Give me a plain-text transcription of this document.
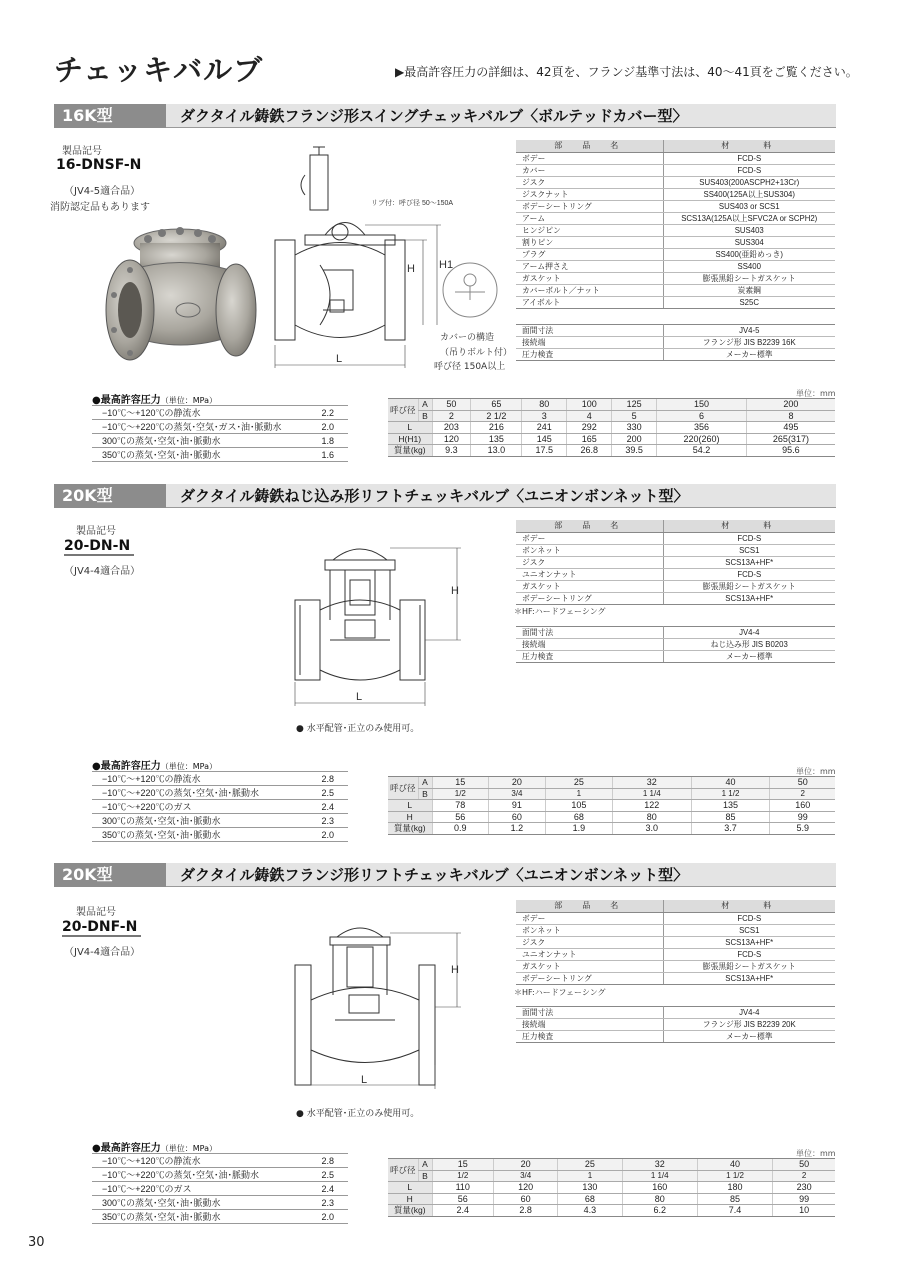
チェッキバルブ	▶最高許容圧力の詳細は、42頁を、フランジ基準寸法は、40〜41頁をご覧ください。
16K型	ダクタイル鋳鉄フランジ形スイングチェッキバルブ〈ボルテッドカバー型〉
製品記号
16-DNSF-N
（JV4-5適合品）
消防認定品もあります	リブ付：呼び径 50〜150A
H H1
L
カバーの構造
（吊りボルト付）
呼び径 150A以上
部　品　名	材　　料
ボデー	FCD-S
カバー	FCD-S
ジスク	SUS403(200ASCPH2+13Cr)
ジスクナット	SS400(125A以上SUS304)
ボデーシートリング	SUS403 or SCS1
アーム	SCS13A(125A以上SFVC2A or SCPH2)
ヒンジピン	SUS403
割りピン	SUS304
プラグ	SS400(亜鉛めっき)
アーム押さえ	SS400
ガスケット	膨張黒鉛シートガスケット
カバーボルト／ナット	炭素鋼
アイボルト	S25C
面間寸法	JV4-5
接続端	フランジ形 JIS B2239 16K
圧力検査	メーカー標準
●最高許容圧力（単位：MPa）
−10℃〜+120℃の静流水	2.2
−10℃〜+220℃の蒸気･空気･ガス･油･脈動水	2.0
300℃の蒸気･空気･油･脈動水	1.8
350℃の蒸気･空気･油･脈動水	1.6
単位：mm
呼び径	A	50	65	80	100	125	150	200
	B	2	2 1/2	3	4	5	6	8
L		203	216	241	292	330	356	495
H(H1)		120	135	145	165	200	220(260)	265(317)
質量(kg)		9.3	13.0	17.5	26.8	39.5	54.2	95.6
20K型	ダクタイル鋳鉄ねじ込み形リフトチェッキバルブ〈ユニオンボンネット型〉
製品記号
20-DN-N
（JV4-4適合品）
H
L
● 水平配管･正立のみ使用可。
部　品　名	材　　料
ボデー	FCD-S
ボンネット	SCS1
ジスク	SCS13A+HF*
ユニオンナット	FCD-S
ガスケット	膨張黒鉛シートガスケット
ボデーシートリング	SCS13A+HF*
＊HF:ハードフェーシング
面間寸法	JV4-4
接続端	ねじ込み形 JIS B0203
圧力検査	メーカー標準
●最高許容圧力（単位：MPa）
−10℃〜+120℃の静流水	2.8
−10℃〜+220℃の蒸気･空気･油･脈動水	2.5
−10℃〜+220℃のガス	2.4
300℃の蒸気･空気･油･脈動水	2.3
350℃の蒸気･空気･油･脈動水	2.0
単位：mm
呼び径	A	15	20	25	32	40	50
	B	1/2	3/4	1	1 1/4	1 1/2	2
L		78	91	105	122	135	160
H		56	60	68	80	85	99
質量(kg)		0.9	1.2	1.9	3.0	3.7	5.9
20K型	ダクタイル鋳鉄フランジ形リフトチェッキバルブ〈ユニオンボンネット型〉
製品記号
20-DNF-N
（JV4-4適合品）
H
L
● 水平配管･正立のみ使用可。
部　品　名	材　　料
ボデー	FCD-S
ボンネット	SCS1
ジスク	SCS13A+HF*
ユニオンナット	FCD-S
ガスケット	膨張黒鉛シートガスケット
ボデーシートリング	SCS13A+HF*
＊HF:ハードフェーシング
面間寸法	JV4-4
接続端	フランジ形 JIS B2239 20K
圧力検査	メーカー標準
●最高許容圧力（単位：MPa）
−10℃〜+120℃の静流水	2.8
−10℃〜+220℃の蒸気･空気･油･脈動水	2.5
−10℃〜+220℃のガス	2.4
300℃の蒸気･空気･油･脈動水	2.3
350℃の蒸気･空気･油･脈動水	2.0
単位：mm
呼び径	A	15	20	25	32	40	50
	B	1/2	3/4	1	1 1/4	1 1/2	2
L		110	120	130	160	180	230
H		56	60	68	80	85	99
質量(kg)		2.4	2.8	4.3	6.2	7.4	10
30
